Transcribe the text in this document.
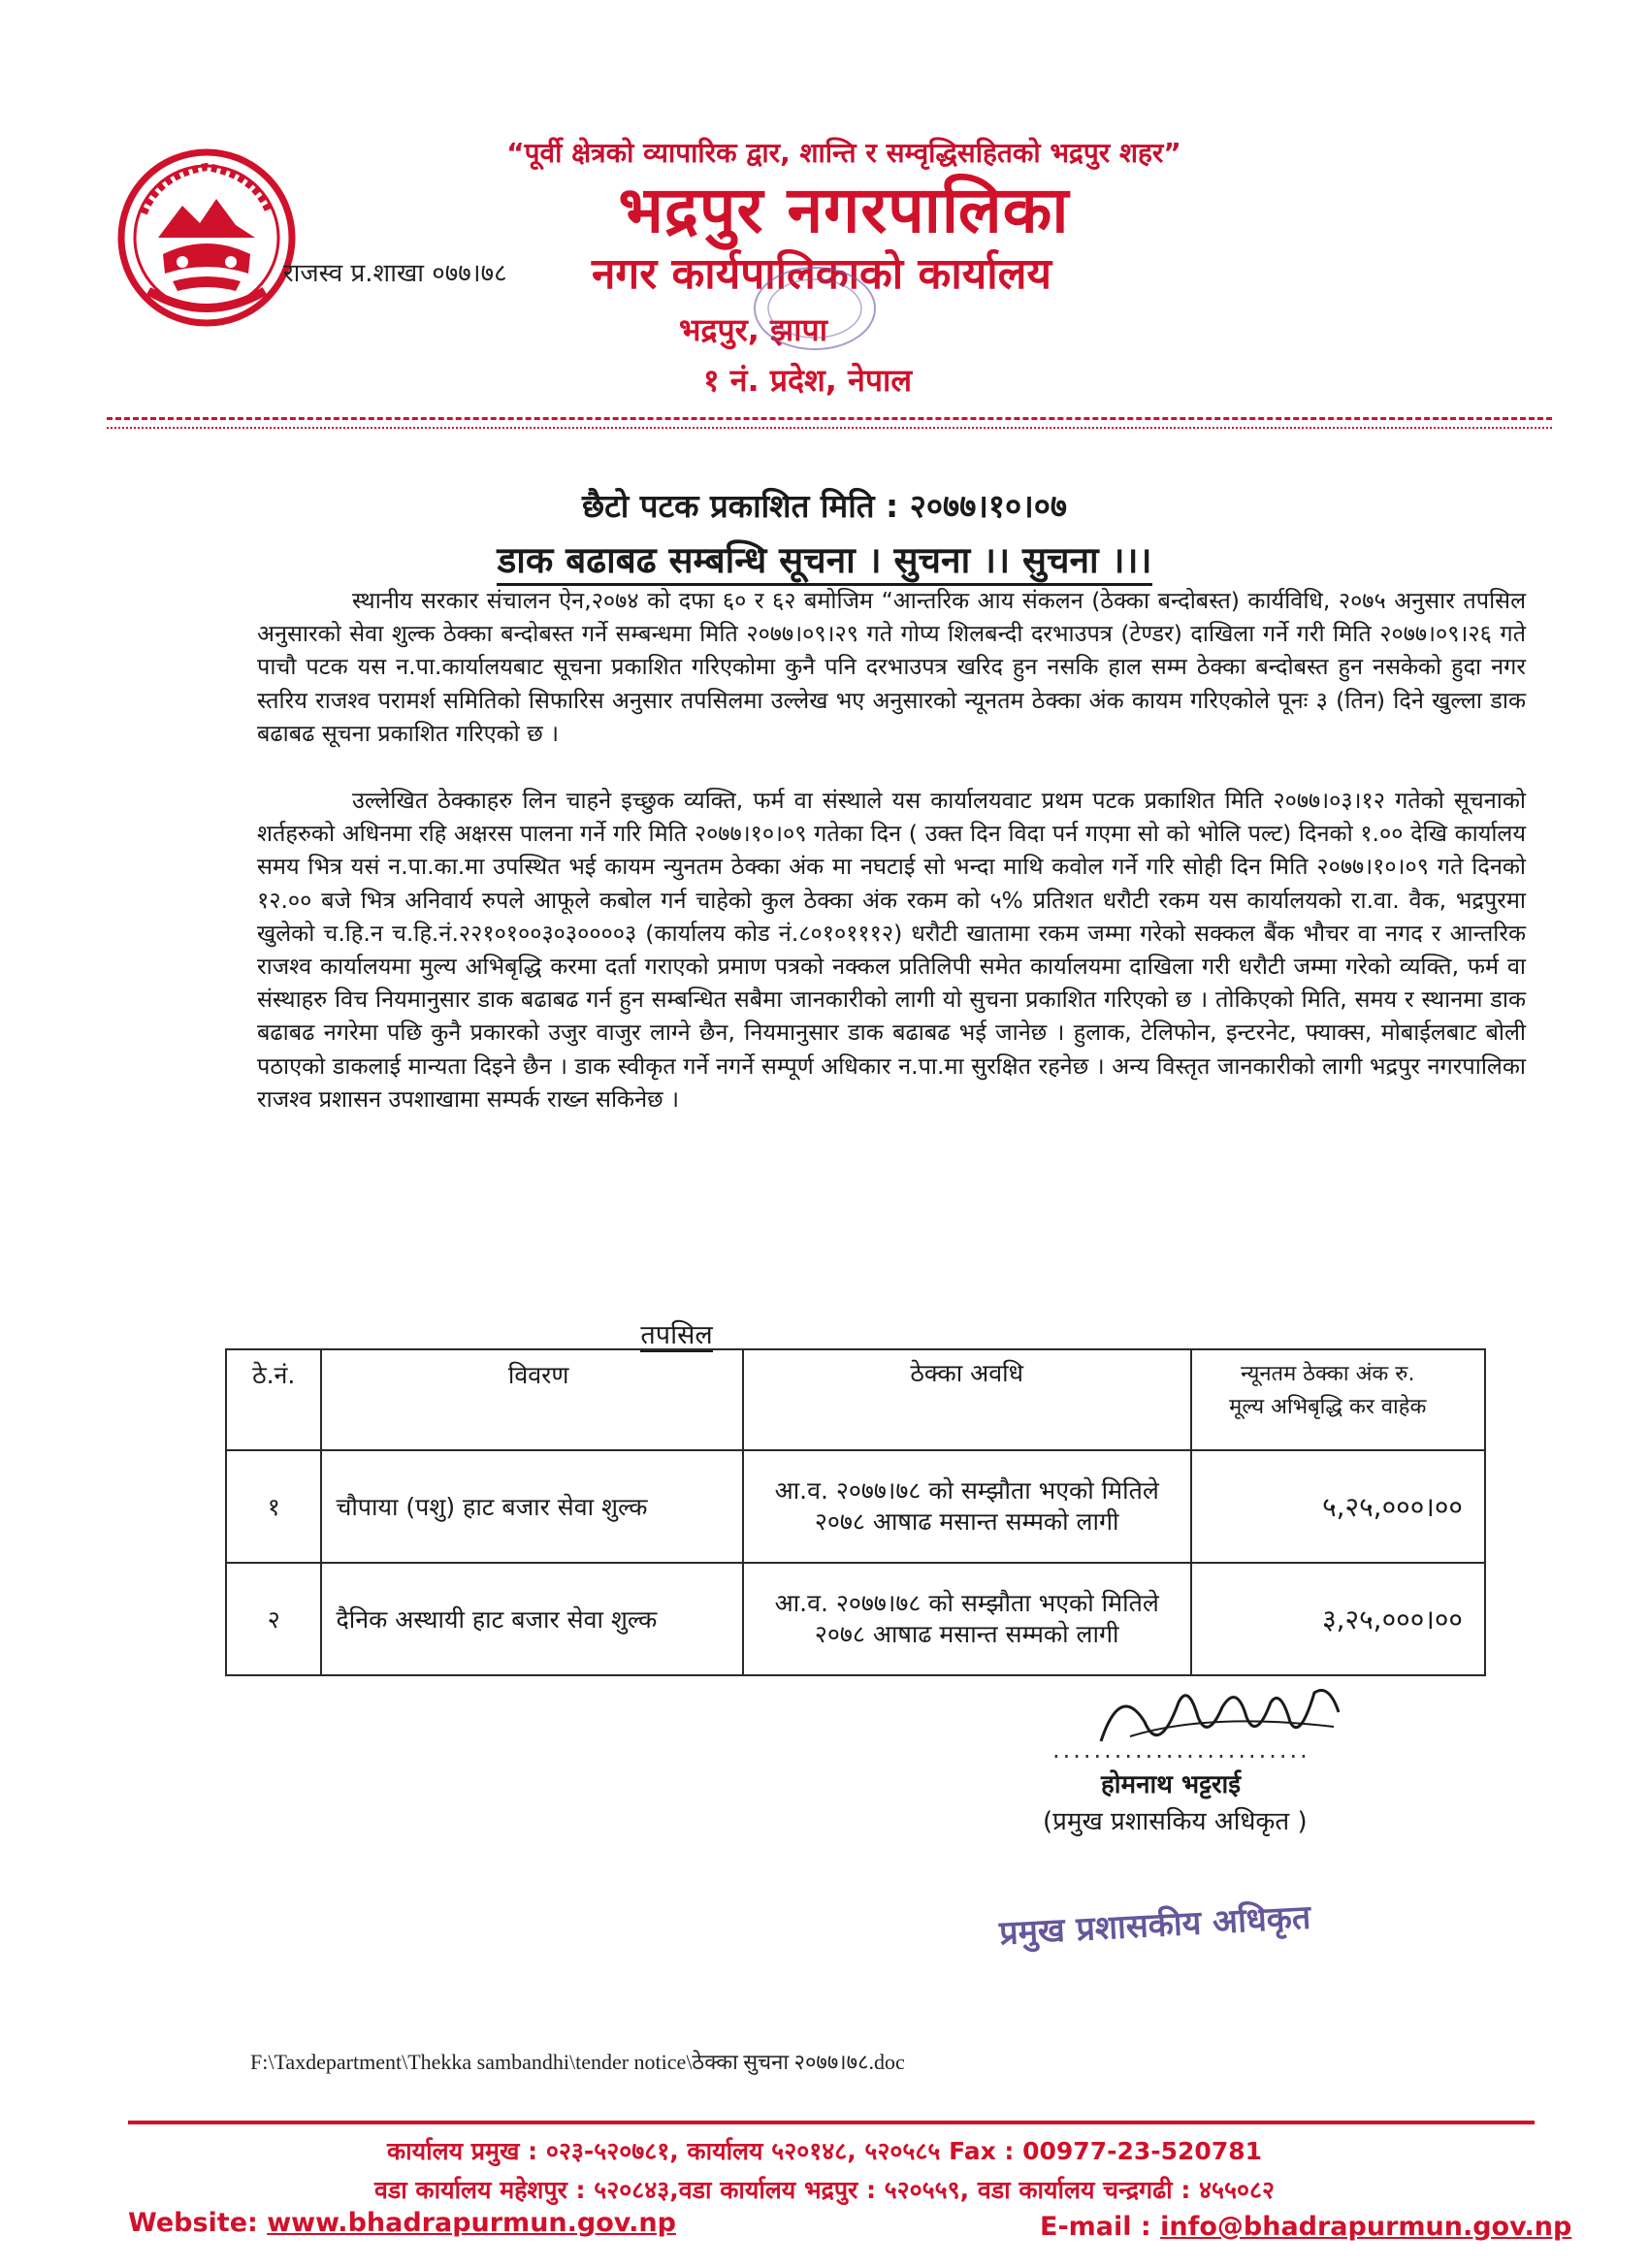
“पूर्वी क्षेत्रको व्यापारिक द्वार, शान्ति र सम्वृद्धिसहितको भद्रपुर शहर”
भद्रपुर नगरपालिका
राजस्व प्र.शाखा ०७७।७८ नगर कार्यपालिकाको कार्यालय
भद्रपुर, झापा
१ नं. प्रदेश, नेपाल
छैटो पटक प्रकाशित मिति : २०७७।१०।०७
डाक बढाबढ सम्बन्धि सूचना । सुचना ।। सुचना ।।।
स्थानीय सरकार संचालन ऐन,२०७४ को दफा ६० र ६२ बमोजिम “आन्तरिक आय संकलन (ठेक्का बन्दोबस्त) कार्यविधि, २०७५ अनुसार तपसिल अनुसारको सेवा शुल्क ठेक्का बन्दोबस्त गर्ने सम्बन्धमा मिति २०७७।०९।२९ गते गोप्य शिलबन्दी दरभाउपत्र (टेण्डर) दाखिला गर्ने गरी मिति २०७७।०९।२६ गते पाचौ पटक यस न.पा.कार्यालयबाट सूचना प्रकाशित गरिएकोमा कुनै पनि दरभाउपत्र खरिद हुन नसकि हाल सम्म ठेक्का बन्दोबस्त हुन नसकेको हुदा नगर स्तरिय राजश्व परामर्श समितिको सिफारिस अनुसार तपसिलमा उल्लेख भए अनुसारको न्यूनतम ठेक्का अंक कायम गरिएकोले पूनः ३ (तिन) दिने खुल्ला डाक बढाबढ सूचना प्रकाशित गरिएको छ ।
उल्लेखित ठेक्काहरु लिन चाहने इच्छुक व्यक्ति, फर्म वा संस्थाले यस कार्यालयवाट प्रथम पटक प्रकाशित मिति २०७७।०३।१२ गतेको सूचनाको शर्तहरुको अधिनमा रहि अक्षरस पालना गर्ने गरि मिति २०७७।१०।०९ गतेका दिन ( उक्त दिन विदा पर्न गएमा सो को भोलि पल्ट) दिनको १.०० देखि कार्यालय समय भित्र यसं न.पा.का.मा उपस्थित भई कायम न्युनतम ठेक्का अंक मा नघटाई सो भन्दा माथि कवोल गर्ने गरि सोही दिन मिति २०७७।१०।०९ गते दिनको १२.०० बजे भित्र अनिवार्य रुपले आफूले कबोल गर्न चाहेको कुल ठेक्का अंक रकम को ५% प्रतिशत धरौटी रकम यस कार्यालयको रा.वा. वैक, भद्रपुरमा खुलेको च.हि.न च.हि.नं.२२१०१००३०३००००३ (कार्यालय कोड नं.८०१०१११२) धरौटी खातामा रकम जम्मा गरेको सक्कल बैंक भौचर वा नगद र आन्तरिक राजश्व कार्यालयमा मुल्य अभिबृद्धि करमा दर्ता गराएको प्रमाण पत्रको नक्कल प्रतिलिपी समेत कार्यालयमा दाखिला गरी धरौटी जम्मा गरेको व्यक्ति, फर्म वा संस्थाहरु विच नियमानुसार डाक बढाबढ गर्न हुन सम्बन्धित सबैमा जानकारीको लागी यो सुचना प्रकाशित गरिएको छ । तोकिएको मिति, समय र स्थानमा डाक बढाबढ नगरेमा पछि कुनै प्रकारको उजुर वाजुर लाग्ने छैन, नियमानुसार डाक बढाबढ भई जानेछ । हुलाक, टेलिफोन, इन्टरनेट, फ्याक्स, मोबाईलबाट बोली पठाएको डाकलाई मान्यता दिइने छैन । डाक स्वीकृत गर्ने नगर्ने सम्पूर्ण अधिकार न.पा.मा सुरक्षित रहनेछ । अन्य विस्तृत जानकारीको लागी भद्रपुर नगरपालिका राजश्व प्रशासन उपशाखामा सम्पर्क राख्न सकिनेछ ।
तपसिल
ठे.नं.	विवरण	ठेक्का अवधि	न्यूनतम ठेक्का अंक रु.
मूल्य अभिबृद्धि कर वाहेक

१	चौपाया (पशु) हाट बजार सेवा शुल्क	आ.व. २०७७।७८ को सम्झौता भएको मितिले २०७८ आषाढ मसान्त सम्मको लागी	५,२५,०००।००
२	दैनिक अस्थायी हाट बजार सेवा शुल्क	आ.व. २०७७।७८ को सम्झौता भएको मितिले २०७८ आषाढ मसान्त सम्मको लागी	३,२५,०००।००
.........................
होमनाथ भट्टराई
(प्रमुख प्रशासकिय अधिकृत )
प्रमुख प्रशासकीय अधिकृत
F:\Taxdepartment\Thekka sambandhi\tender notice\ठेक्का सुचना २०७७।७८.doc
कार्यालय प्रमुख : ०२३-५२०७८१, कार्यालय ५२०१४८, ५२०५८५ Fax : 00977-23-520781
वडा कार्यालय महेशपुर : ५२०८४३,वडा कार्यालय भद्रपुर : ५२०५५९, वडा कार्यालय चन्द्रगढी : ४५५०८२
Website: www.bhadrapurmun.gov.np	E-mail : info@bhadrapurmun.gov.np
